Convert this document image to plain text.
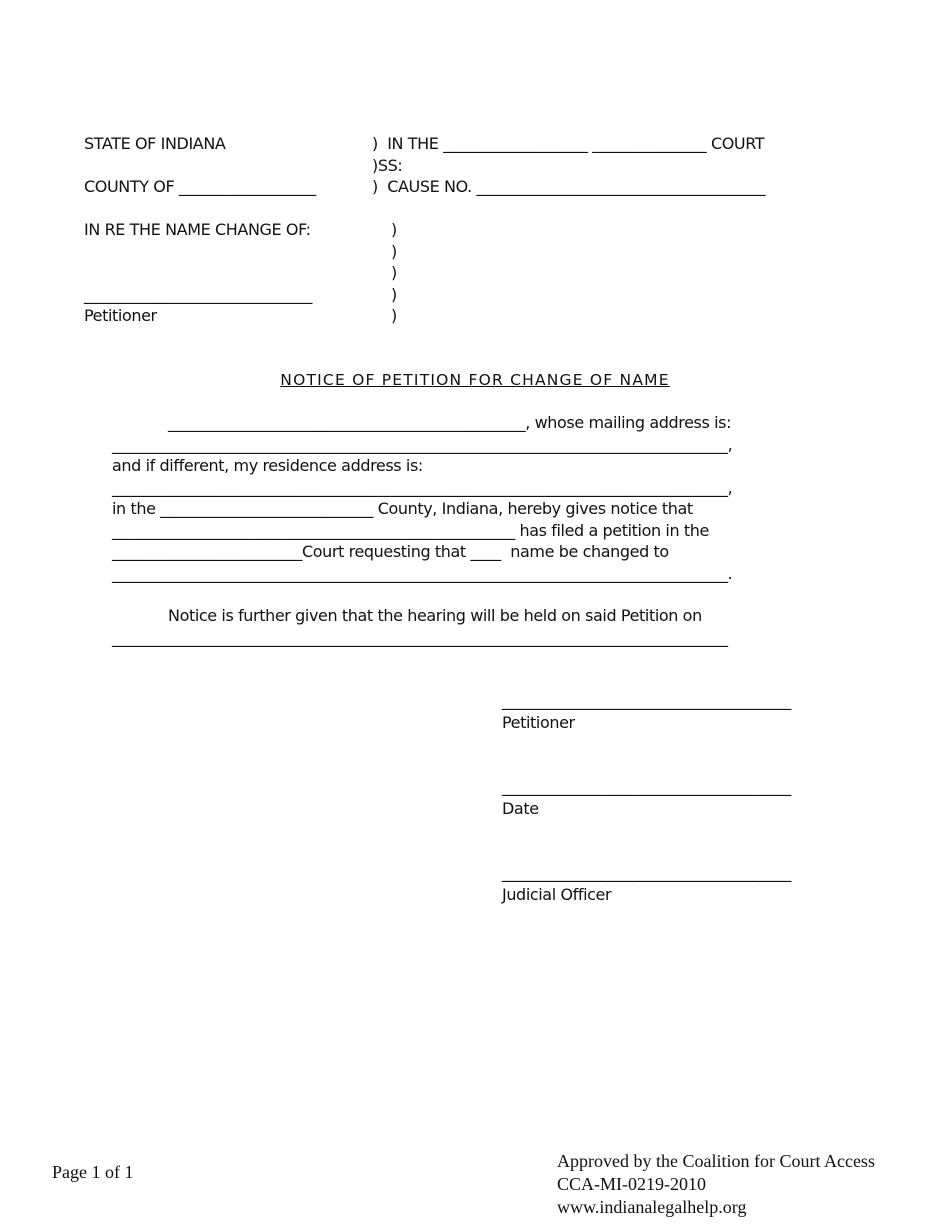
STATE OF INDIANA	)  IN THE ___________________ _______________ COURT
)SS:
COUNTY OF __________________	)  CAUSE NO. ______________________________________
IN RE THE NAME CHANGE OF:	)
)
)
)
)
______________________________
Petitioner
NOTICE OF PETITION FOR CHANGE OF NAME
_______________________________________________, whose mailing address is:
_________________________________________________________________________________,
and if different, my residence address is:
_________________________________________________________________________________,
in the ____________________________ County, Indiana, hereby gives notice that
_____________________________________________________ has filed a petition in the
_________________________Court requesting that ____  name be changed to
_________________________________________________________________________________.
Notice is further given that the hearing will be held on said Petition on
_________________________________________________________________________________
______________________________________
Petitioner
______________________________________
Date
______________________________________
Judicial Officer
Page 1 of 1
Approved by the Coalition for Court Access
CCA-MI-0219-2010
www.indianalegalhelp.org
